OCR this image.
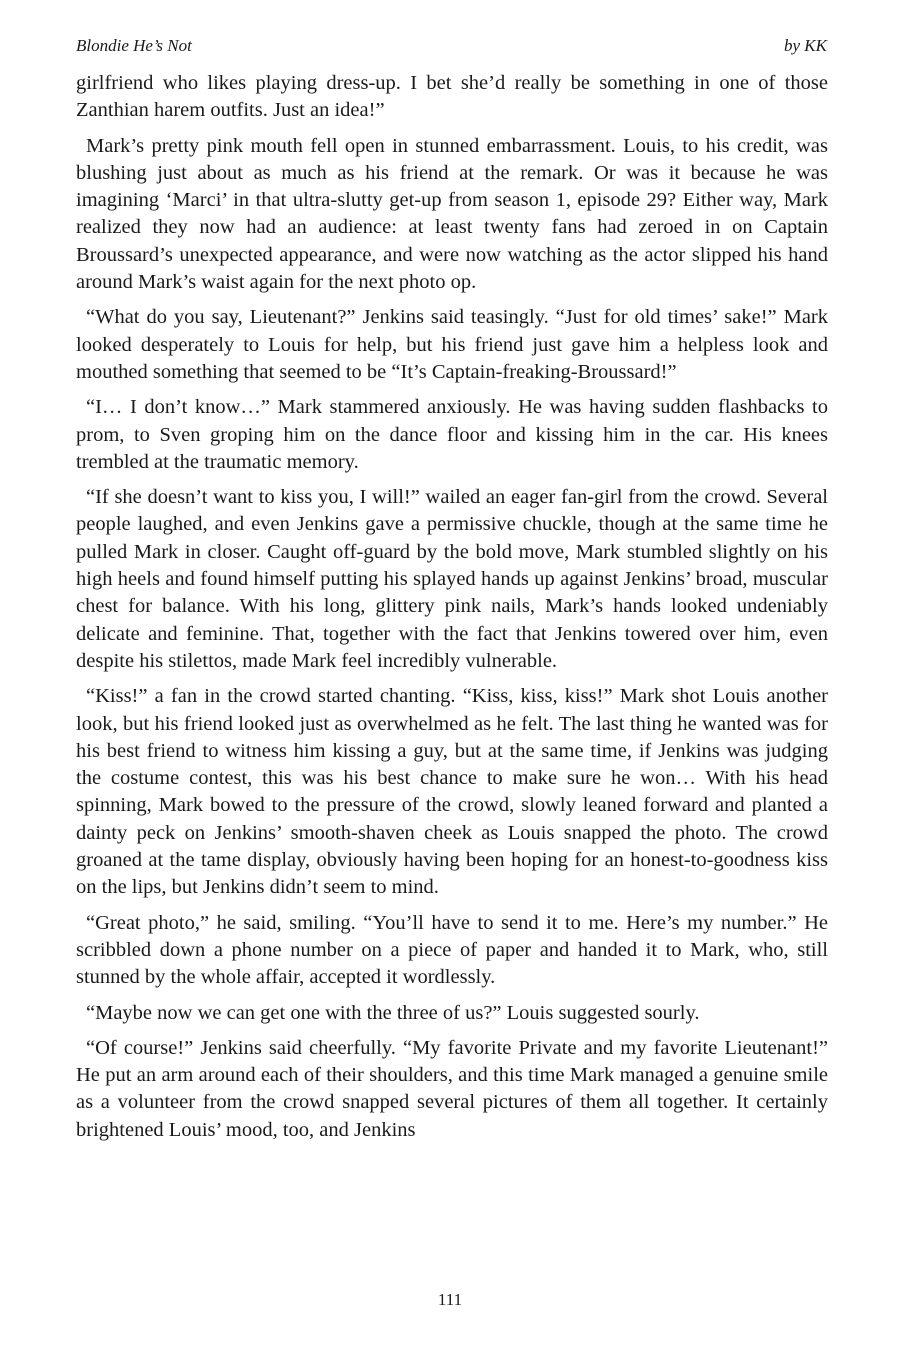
Blondie He’s Not	by KK

girlfriend who likes playing dress-up. I bet she’d really be something in one of those Zanthian harem outfits. Just an idea!”

Mark’s pretty pink mouth fell open in stunned embarrassment. Louis, to his credit, was blushing just about as much as his friend at the remark. Or was it because he was imagining ‘Marci’ in that ultra-slutty get-up from season 1, episode 29? Either way, Mark realized they now had an audience: at least twenty fans had zeroed in on Captain Broussard’s unexpected appearance, and were now watching as the actor slipped his hand around Mark’s waist again for the next photo op.

“What do you say, Lieutenant?” Jenkins said teasingly. “Just for old times’ sake!” Mark looked desperately to Louis for help, but his friend just gave him a helpless look and mouthed something that seemed to be “It’s Captain-freaking-Broussard!”

“I… I don’t know…” Mark stammered anxiously. He was having sudden flashbacks to prom, to Sven groping him on the dance floor and kissing him in the car. His knees trembled at the traumatic memory.

“If she doesn’t want to kiss you, I will!” wailed an eager fan-girl from the crowd. Several people laughed, and even Jenkins gave a permissive chuckle, though at the same time he pulled Mark in closer. Caught off-guard by the bold move, Mark stumbled slightly on his high heels and found himself putting his splayed hands up against Jenkins’ broad, muscular chest for balance. With his long, glittery pink nails, Mark’s hands looked undeniably delicate and feminine. That, together with the fact that Jenkins towered over him, even despite his stilettos, made Mark feel incredibly vulnerable.

“Kiss!” a fan in the crowd started chanting. “Kiss, kiss, kiss!” Mark shot Louis another look, but his friend looked just as overwhelmed as he felt. The last thing he wanted was for his best friend to witness him kissing a guy, but at the same time, if Jenkins was judging the costume contest, this was his best chance to make sure he won… With his head spinning, Mark bowed to the pressure of the crowd, slowly leaned forward and planted a dainty peck on Jenkins’ smooth-shaven cheek as Louis snapped the photo. The crowd groaned at the tame display, obviously having been hoping for an honest-to-goodness kiss on the lips, but Jenkins didn’t seem to mind.

“Great photo,” he said, smiling. “You’ll have to send it to me. Here’s my number.” He scribbled down a phone number on a piece of paper and handed it to Mark, who, still stunned by the whole affair, accepted it wordlessly.

“Maybe now we can get one with the three of us?” Louis suggested sourly.

“Of course!” Jenkins said cheerfully. “My favorite Private and my favorite Lieutenant!” He put an arm around each of their shoulders, and this time Mark managed a genuine smile as a volunteer from the crowd snapped several pictures of them all together. It certainly brightened Louis’ mood, too, and Jenkins

111
